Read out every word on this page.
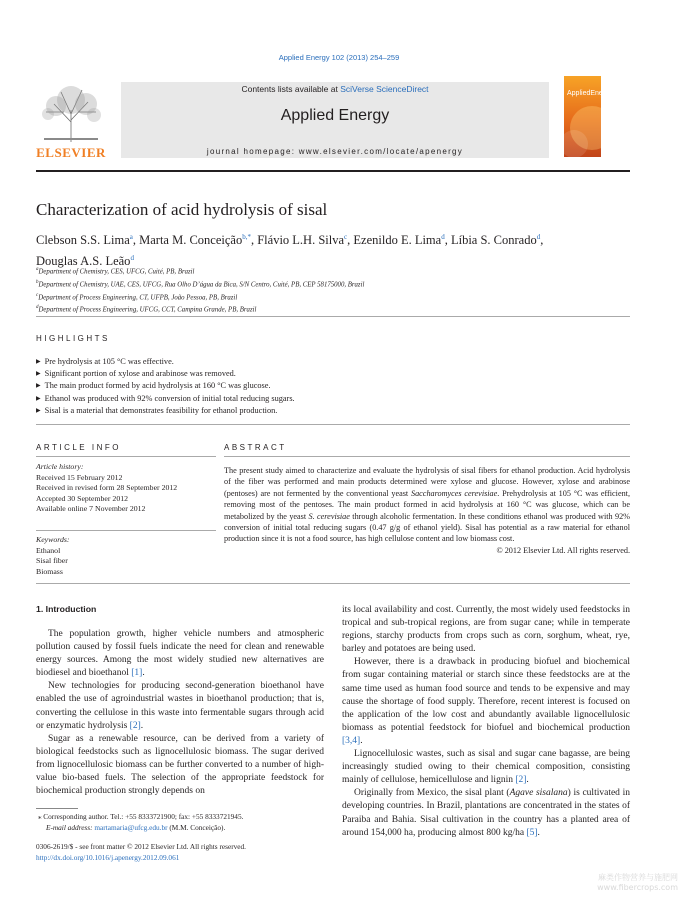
Applied Energy 102 (2013) 254–259
ELSEVIER
Contents lists available at SciVerse ScienceDirect
Applied Energy
journal homepage: www.elsevier.com/locate/apenergy
AppliedEnergy
Characterization of acid hydrolysis of sisal
Clebson S.S. Lima$^a$, Marta M. Conceição$^{b,*}$, Flávio L.H. Silva$^c$, Ezenildo E. Lima$^d$, Líbia S. Conrado$^d$,
Douglas A.S. Leão$^d$
$^a$Department of Chemistry, CES, UFCG, Cuité, PB, Brazil
$^b$Department of Chemistry, UAE, CES, UFCG, Rua Olho D’água da Bica, S/N Centro, Cuité, PB, CEP 58175000, Brazil
$^c$Department of Process Engineering, CT, UFPB, João Pessoa, PB, Brazil
$^d$Department of Process Engineering, UFCG, CCT, Campina Grande, PB, Brazil
HIGHLIGHTS
▶ Pre hydrolysis at 105 °C was effective.
▶ Significant portion of xylose and arabinose was removed.
▶ The main product formed by acid hydrolysis at 160 °C was glucose.
▶ Ethanol was produced with 92% conversion of initial total reducing sugars.
▶ Sisal is a material that demonstrates feasibility for ethanol production.
ARTICLE INFO
Article history:
Received 15 February 2012
Received in revised form 28 September 2012
Accepted 30 September 2012
Available online 7 November 2012
Keywords:
Ethanol
Sisal fiber
Biomass
ABSTRACT
The present study aimed to characterize and evaluate the hydrolysis of sisal fibers for ethanol production. Acid hydrolysis of the fiber was performed and main products determined were xylose and glucose. However, xylose and arabinose (pentoses) are not fermented by the conventional yeast Saccharomyces cerevisiae. Prehydrolysis at 105 °C was efficient, removing most of the pentoses. The main product formed in acid hydrolysis at 160 °C was glucose, which can be metabolized by the yeast S. cerevisiae through alcoholic fermentation. In these conditions ethanol was produced with 92% conversion of initial total reducing sugars (0.47 g/g of ethanol yield). Sisal has potential as a raw material for ethanol production since it is not a food source, has high cellulose content and low biomass cost.
© 2012 Elsevier Ltd. All rights reserved.
1. Introduction

The population growth, higher vehicle numbers and atmospheric pollution caused by fossil fuels indicate the need for clean and renewable energy sources. Among the most widely studied new alternatives are biodiesel and bioethanol [1].

New technologies for producing second-generation bioethanol have enabled the use of agroindustrial wastes in bioethanol production; that is, converting the cellulose in this waste into fermentable sugars through acid or enzymatic hydrolysis [2].

Sugar as a renewable resource, can be derived from a variety of biological feedstocks such as lignocellulosic biomass. The sugar derived from lignocellulosic biomass can be further converted to a number of high-value bio-based fuels. The selection of the appropriate feedstock for biochemical production strongly depends on

its local availability and cost. Currently, the most widely used feedstocks in tropical and sub-tropical regions, are from sugar cane; while in temperate regions, starchy products from crops such as corn, sorghum, wheat, rye, barley and potatoes are being used.

However, there is a drawback in producing biofuel and biochemical from sugar containing material or starch since these feedstocks are at the same time used as human food source and tends to be expensive and may cause the shortage of food supply. Therefore, recent interest is focused on the application of the low cost and abundantly available lignocellulosic biomass as potential feedstock for biofuel and biochemical production [3,4].

Lignocellulosic wastes, such as sisal and sugar cane bagasse, are being increasingly studied owing to their chemical composition, consisting mainly of cellulose, hemicellulose and lignin [2].

Originally from Mexico, the sisal plant (Agave sisalana) is cultivated in developing countries. In Brazil, plantations are concentrated in the states of Paraiba and Bahia. Sisal cultivation in the country has a planted area of around 154,000 ha, producing almost 800 kg/ha [5].

⁎ Corresponding author. Tel.: +55 8333721900; fax: +55 8333721945.
E-mail address: martamaria@ufcg.edu.br (M.M. Conceição).
0306-2619/$ - see front matter © 2012 Elsevier Ltd. All rights reserved.
http://dx.doi.org/10.1016/j.apenergy.2012.09.061
麻类作物营养与施肥网
www.fibercrops.com
